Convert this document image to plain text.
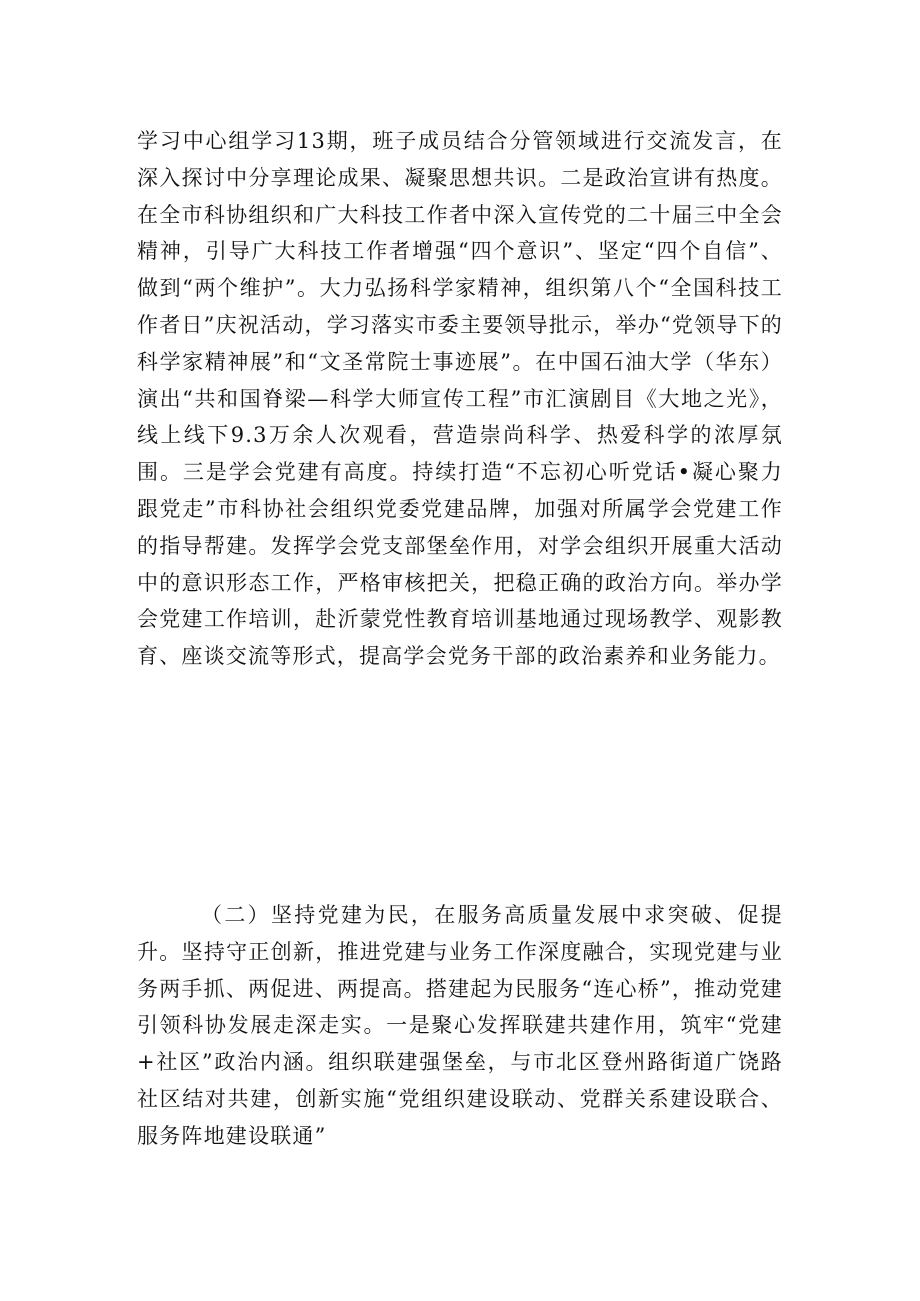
学习中心组学习13期，班子成员结合分管领域进行交流发言，在深入探讨中分享理论成果、凝聚思想共识。二是政治宣讲有热度。在全市科协组织和广大科技工作者中深入宣传党的二十届三中全会精神，引导广大科技工作者增强“四个意识”、坚定“四个自信”、做到“两个维护”。大力弘扬科学家精神，组织第八个“全国科技工作者日”庆祝活动，学习落实市委主要领导批示，举办“党领导下的科学家精神展”和“文圣常院士事迹展”。在中国石油大学（华东）演出“共和国脊梁—科学大师宣传工程”市汇演剧目《大地之光》，线上线下9.3万余人次观看，营造崇尚科学、热爱科学的浓厚氛围。三是学会党建有高度。持续打造“不忘初心听党话•凝心聚力跟党走”市科协社会组织党委党建品牌，加强对所属学会党建工作的指导帮建。发挥学会党支部堡垒作用，对学会组织开展重大活动中的意识形态工作，严格审核把关，把稳正确的政治方向。举办学会党建工作培训，赴沂蒙党性教育培训基地通过现场教学、观影教育、座谈交流等形式，提高学会党务干部的政治素养和业务能力。

（二）坚持党建为民，在服务高质量发展中求突破、促提升。坚持守正创新，推进党建与业务工作深度融合，实现党建与业务两手抓、两促进、两提高。搭建起为民服务“连心桥”，推动党建引领科协发展走深走实。一是聚心发挥联建共建作用，筑牢“党建+社区”政治内涵。组织联建强堡垒，与市北区登州路街道广饶路社区结对共建，创新实施“党组织建设联动、党群关系建设联合、服务阵地建设联通”
